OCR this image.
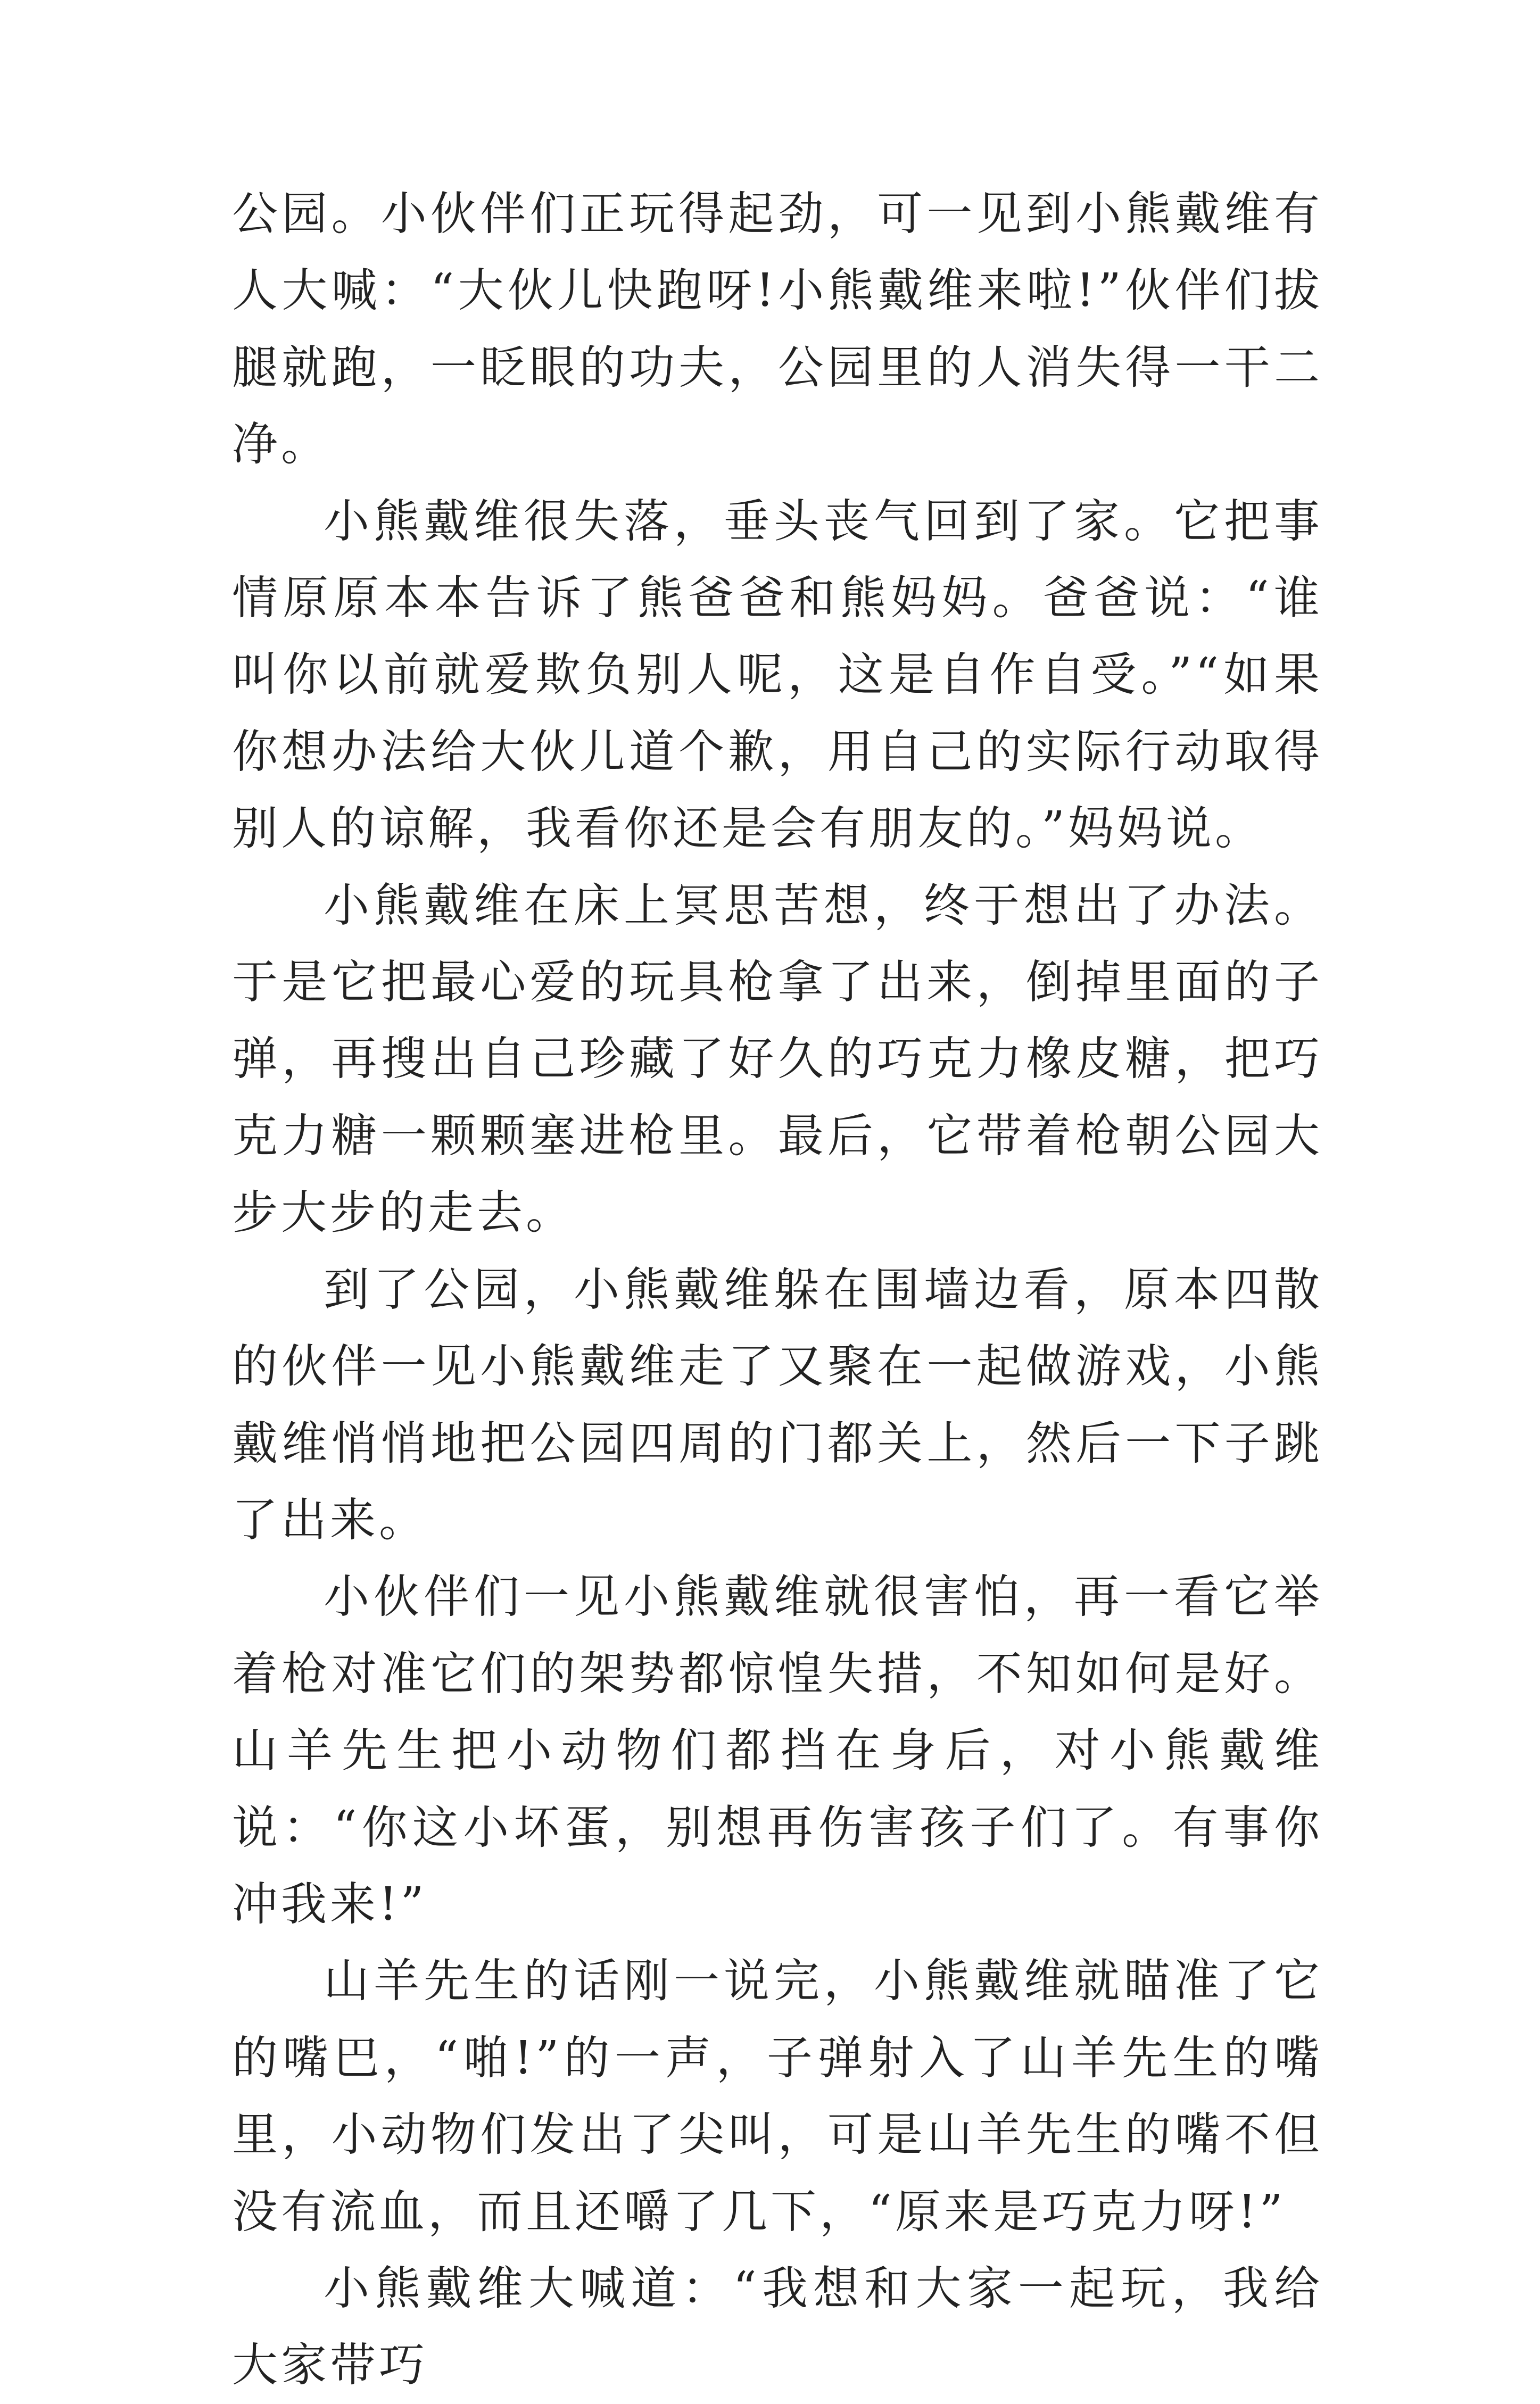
公园。小伙伴们正玩得起劲，可一见到小熊戴维有人大喊：“大伙儿快跑呀!小熊戴维来啦!”伙伴们拔腿就跑，一眨眼的功夫，公园里的人消失得一干二净。

小熊戴维很失落，垂头丧气回到了家。它把事情原原本本告诉了熊爸爸和熊妈妈。爸爸说：“谁叫你以前就爱欺负别人呢，这是自作自受。”“如果你想办法给大伙儿道个歉，用自己的实际行动取得别人的谅解，我看你还是会有朋友的。”妈妈说。

小熊戴维在床上冥思苦想，终于想出了办法。于是它把最心爱的玩具枪拿了出来，倒掉里面的子弹，再搜出自己珍藏了好久的巧克力橡皮糖，把巧克力糖一颗颗塞进枪里。最后，它带着枪朝公园大步大步的走去。

到了公园，小熊戴维躲在围墙边看，原本四散的伙伴一见小熊戴维走了又聚在一起做游戏，小熊戴维悄悄地把公园四周的门都关上，然后一下子跳了出来。

小伙伴们一见小熊戴维就很害怕，再一看它举着枪对准它们的架势都惊惶失措，不知如何是好。山羊先生把小动物们都挡在身后，对小熊戴维说：“你这小坏蛋，别想再伤害孩子们了。有事你冲我来!”

山羊先生的话刚一说完，小熊戴维就瞄准了它的嘴巴，“啪!”的一声，子弹射入了山羊先生的嘴里，小动物们发出了尖叫，可是山羊先生的嘴不但没有流血，而且还嚼了几下，“原来是巧克力呀!”

小熊戴维大喊道：“我想和大家一起玩，我给大家带巧
